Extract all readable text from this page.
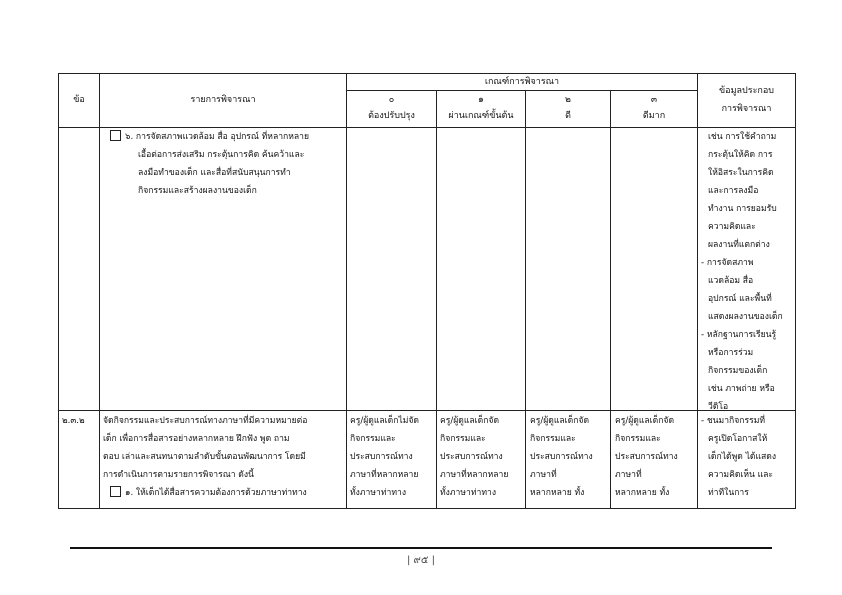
ข้อ	รายการพิจารณา
เกณฑ์การพิจารณา
ข้อมูลประกอบ
การพิจารณา
๐
ต้องปรับปรุง
๑
ผ่านเกณฑ์ขั้นต้น
๒
ดี
๓
ดีมาก
๖. การจัดสภาพแวดล้อม สื่อ อุปกรณ์ ที่หลากหลาย
เอื้อต่อการส่งเสริม กระตุ้นการคิด ค้นคว้าและ
ลงมือทำของเด็ก และสื่อที่สนับสนุนการทำ
กิจกรรมและสร้างผลงานของเด็ก
เช่น การใช้คำถาม
กระตุ้นให้คิด การ
ให้อิสระในการคิด
และการลงมือ
ทำงาน การยอมรับ
ความคิดและ
ผลงานที่แตกต่าง
- การจัดสภาพ
แวดล้อม สื่อ
อุปกรณ์ และพื้นที่
แสดงผลงานของเด็ก
- หลักฐานการเรียนรู้
หรือการร่วม
กิจกรรมของเด็ก
เช่น ภาพถ่าย หรือ
วีดิโอ
๒.๓.๒ จัดกิจกรรมและประสบการณ์ทางภาษาที่มีความหมายต่อ
เด็ก เพื่อการสื่อสารอย่างหลากหลาย ฝึกฟัง พูด ถาม
ตอบ เล่าและสนทนาตามลำดับขั้นตอนพัฒนาการ โดยมี
การดำเนินการตามรายการพิจารณา ดังนี้
๑. ให้เด็กได้สื่อสารความต้องการด้วยภาษาท่าทาง
ครู/ผู้ดูแลเด็กไม่จัด
กิจกรรมและ
ประสบการณ์ทาง
ภาษาที่หลากหลาย
ทั้งภาษาท่าทาง
ครู/ผู้ดูแลเด็กจัด
กิจกรรมและ
ประสบการณ์ทาง
ภาษาที่หลากหลาย
ทั้งภาษาท่าทาง
ครู/ผู้ดูแลเด็กจัด
กิจกรรมและ
ประสบการณ์ทาง
ภาษาที่
หลากหลาย ทั้ง
ครู/ผู้ดูแลเด็กจัด
กิจกรรมและ
ประสบการณ์ทาง
ภาษาที่
หลากหลาย ทั้ง
- ชนมากิจกรรมที่
ครูเปิดโอกาสให้
เด็กได้พูด ได้แสดง
ความคิดเห็น และ
ท่าทีในการ
| ๙๕ |
